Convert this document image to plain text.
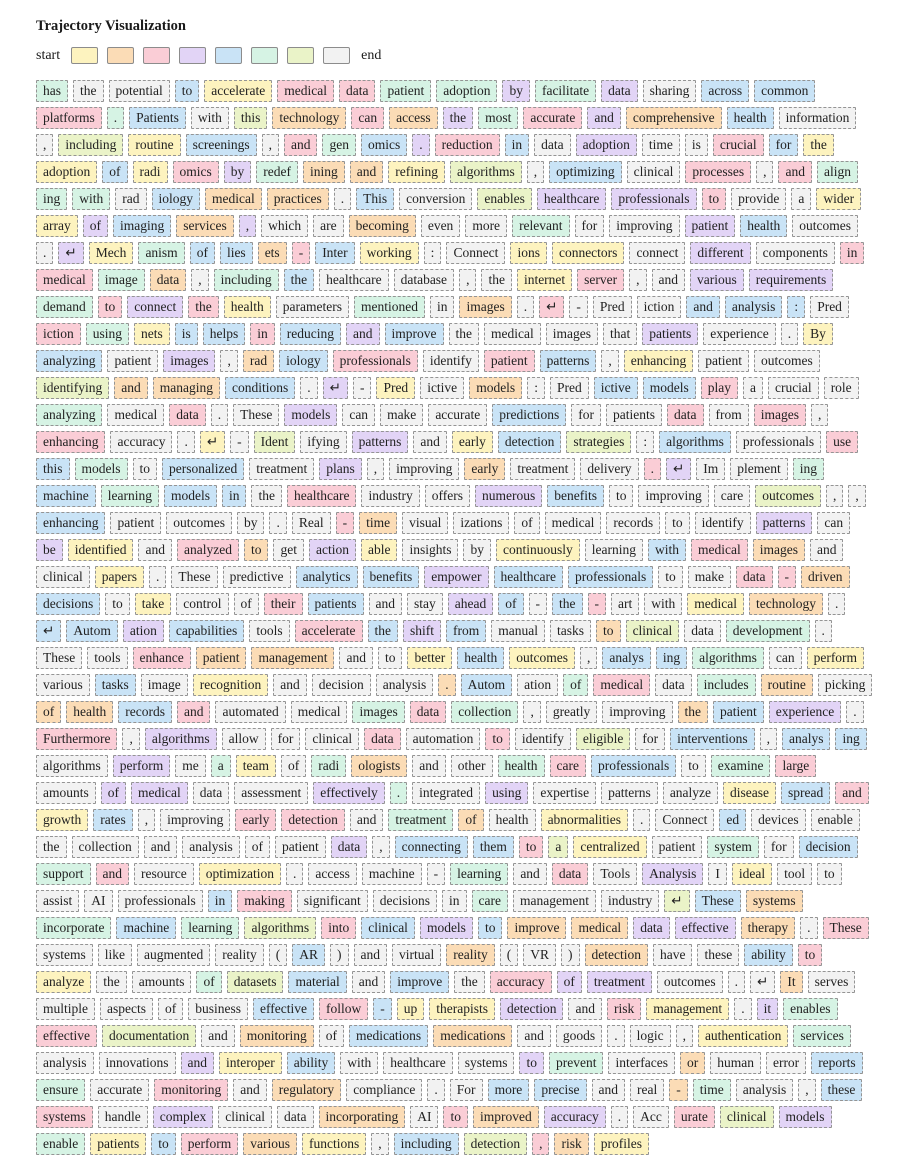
Trajectory Visualization
start	end
has	the	potential	to	accelerate	medical	data	patient	adoption	by	facilitate	data	sharing	across	common
platforms	.	Patients	with	this	technology	can	access	the	most	accurate	and	comprehensive	health	information
,	including	routine	screenings	,	and	gen	omics	.	reduction	in	data	adoption	time	is	crucial	for	the
adoption	of	radi	omics	by	redef	ining	and	refining	algorithms	,	optimizing	clinical	processes	,	and	align
ing	with	rad	iology	medical	practices	.	This	conversion	enables	healthcare	professionals	to	provide	a	wider
array	of	imaging	services	,	which	are	becoming	even	more	relevant	for	improving	patient	health	outcomes
.	↵	Mech	anism	of	lies	ets	-	Inter	working	:	Connect	ions	connectors	connect	different	components	in
medical	image	data	,	including	the	healthcare	database	,	the	internet	server	,	and	various	requirements
demand	to	connect	the	health	parameters	mentioned	in	images	.	↵	-	Pred	iction	and	analysis	:	Pred
iction	using	nets	is	helps	in	reducing	and	improve	the	medical	images	that	patients	experience	.	By
analyzing	patient	images	,	rad	iology	professionals	identify	patient	patterns	,	enhancing	patient	outcomes
identifying	and	managing	conditions	.	↵	-	Pred	ictive	models	:	Pred	ictive	models	play	a	crucial	role
analyzing	medical	data	.	These	models	can	make	accurate	predictions	for	patients	data	from	images	,
enhancing	accuracy	.	↵	-	Ident	ifying	patterns	and	early	detection	strategies	:	algorithms	professionals	use
this	models	to	personalized	treatment	plans	,	improving	early	treatment	delivery	.	↵	Im	plement	ing
machine	learning	models	in	the	healthcare	industry	offers	numerous	benefits	to	improving	care	outcomes	,	,
enhancing	patient	outcomes	by	.	Real	-	time	visual	izations	of	medical	records	to	identify	patterns	can
be	identified	and	analyzed	to	get	action	able	insights	by	continuously	learning	with	medical	images	and
clinical	papers	.	These	predictive	analytics	benefits	empower	healthcare	professionals	to	make	data	-	driven
decisions	to	take	control	of	their	patients	and	stay	ahead	of	-	the	-	art	with	medical	technology	.
↵	Autom	ation	capabilities	tools	accelerate	the	shift	from	manual	tasks	to	clinical	data	development	.
These	tools	enhance	patient	management	and	to	better	health	outcomes	,	analys	ing	algorithms	can	perform
various	tasks	image	recognition	and	decision	analysis	.	Autom	ation	of	medical	data	includes	routine	picking
of	health	records	and	automated	medical	images	data	collection	,	greatly	improving	the	patient	experience	.
Furthermore	,	algorithms	allow	for	clinical	data	automation	to	identify	eligible	for	interventions	,	analys	ing
algorithms	perform	me	a	team	of	radi	ologists	and	other	health	care	professionals	to	examine	large
amounts	of	medical	data	assessment	effectively	.	integrated	using	expertise	patterns	analyze	disease	spread	and
growth	rates	,	improving	early	detection	and	treatment	of	health	abnormalities	.	Connect	ed	devices	enable
the	collection	and	analysis	of	patient	data	,	connecting	them	to	a	centralized	patient	system	for	decision
support	and	resource	optimization	.	access	machine	-	learning	and	data	Tools	Analysis	I	ideal	tool	to
assist	AI	professionals	in	making	significant	decisions	in	care	management	industry	↵	These	systems
incorporate	machine	learning	algorithms	into	clinical	models	to	improve	medical	data	effective	therapy	.	These
systems	like	augmented	reality	(	AR	)	and	virtual	reality	(	VR	)	detection	have	these	ability	to
analyze	the	amounts	of	datasets	material	and	improve	the	accuracy	of	treatment	outcomes	.	↵	It	serves
multiple	aspects	of	business	effective	follow	-	up	therapists	detection	and	risk	management	.	it	enables
effective	documentation	and	monitoring	of	medications	medications	and	goods	.	logic	,	authentication	services
analysis	innovations	and	interoper	ability	with	healthcare	systems	to	prevent	interfaces	or	human	error	reports
ensure	accurate	monitoring	and	regulatory	compliance	.	For	more	precise	and	real	-	time	analysis	,	these
systems	handle	complex	clinical	data	incorporating	AI	to	improved	accuracy	.	Acc	urate	clinical	models
enable	patients	to	perform	various	functions	,	including	detection	,	risk	profiles
